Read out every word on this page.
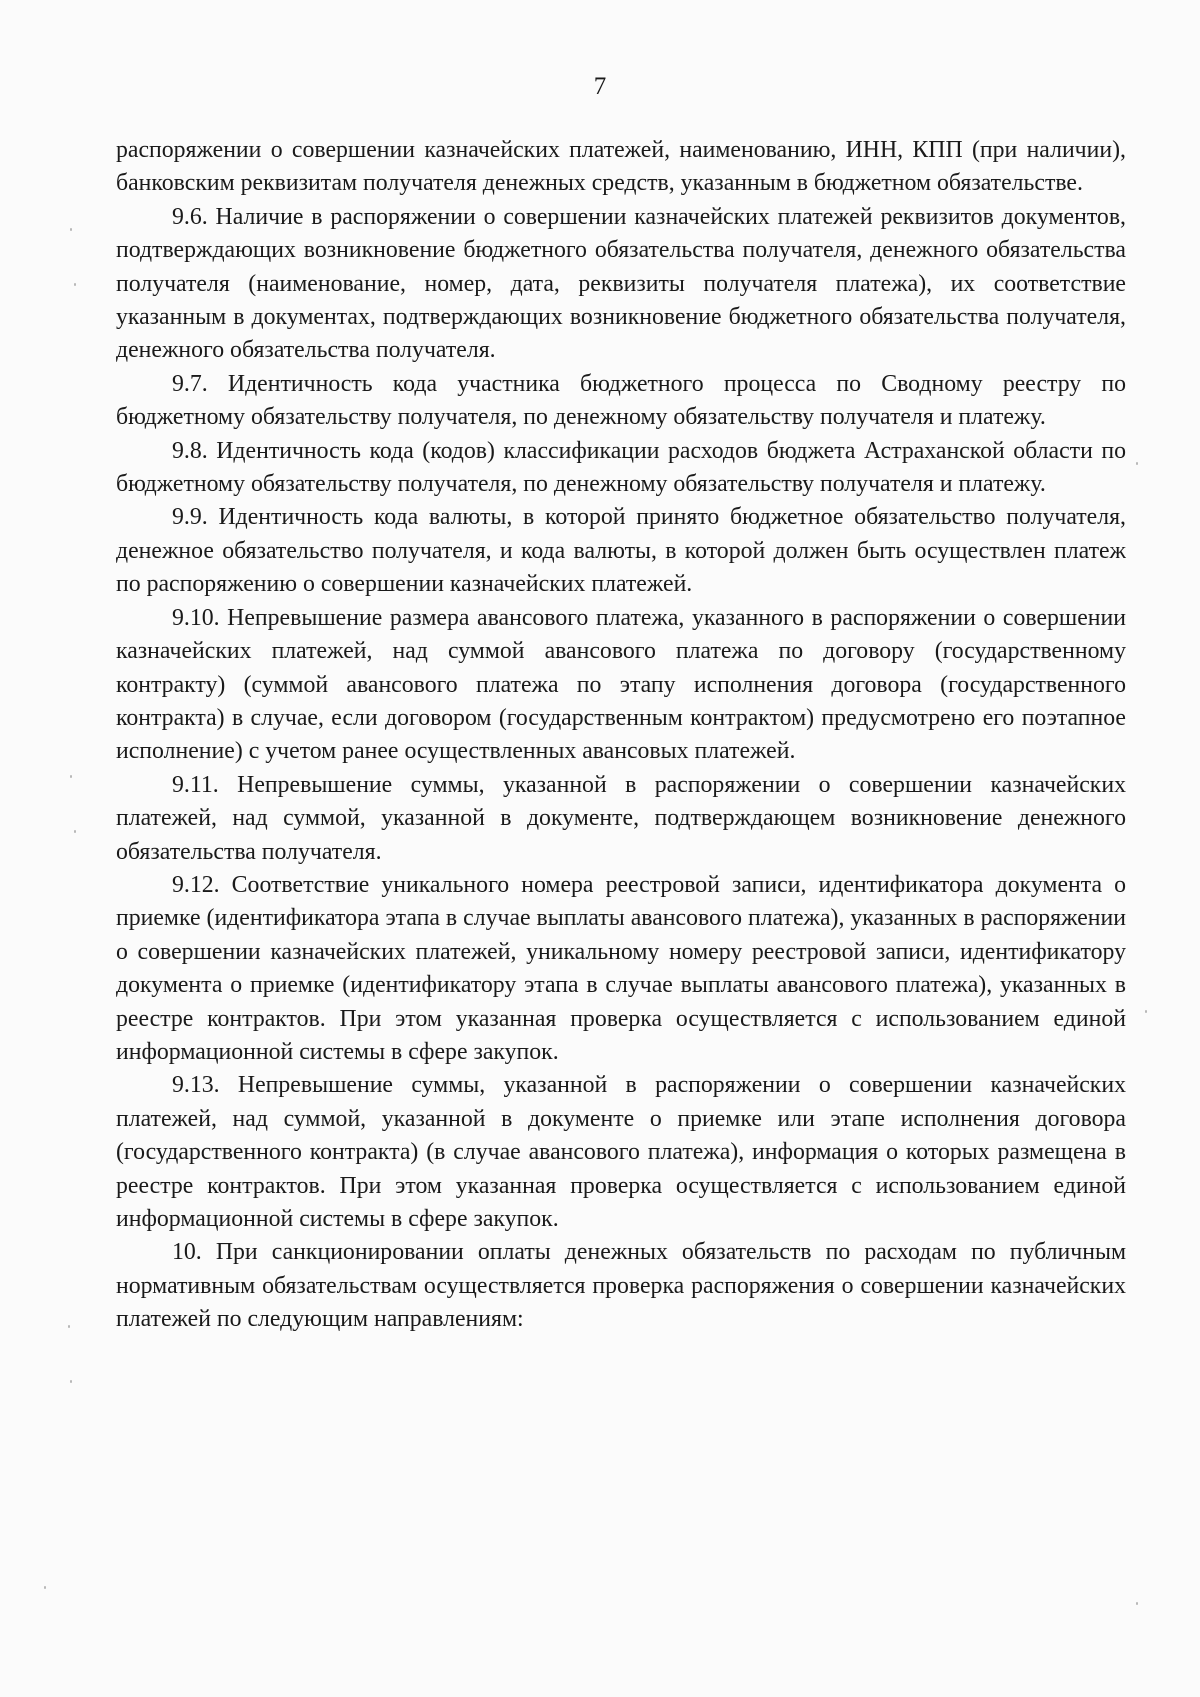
7

распоряжении о совершении казначейских платежей, наименованию, ИНН, КПП (при наличии), банковским реквизитам получателя денежных средств, указанным в бюджетном обязательстве.

9.6. Наличие в распоряжении о совершении казначейских платежей реквизитов документов, подтверждающих возникновение бюджетного обязательства получателя, денежного обязательства получателя (наименование, номер, дата, реквизиты получателя платежа), их соответствие указанным в документах, подтверждающих возникновение бюджетного обязательства получателя, денежного обязательства получателя.

9.7. Идентичность кода участника бюджетного процесса по Сводному реестру по бюджетному обязательству получателя, по денежному обязательству получателя и платежу.

9.8. Идентичность кода (кодов) классификации расходов бюджета Астраханской области по бюджетному обязательству получателя, по денежному обязательству получателя и платежу.

9.9. Идентичность кода валюты, в которой принято бюджетное обязательство получателя, денежное обязательство получателя, и кода валюты, в которой должен быть осуществлен платеж по распоряжению о совершении казначейских платежей.

9.10. Непревышение размера авансового платежа, указанного в распоряжении о совершении казначейских платежей, над суммой авансового платежа по договору (государственному контракту) (суммой авансового платежа по этапу исполнения договора (государственного контракта) в случае, если договором (государственным контрактом) предусмотрено его поэтапное исполнение) с учетом ранее осуществленных авансовых платежей.

9.11. Непревышение суммы, указанной в распоряжении о совершении казначейских платежей, над суммой, указанной в документе, подтверждающем возникновение денежного обязательства получателя.

9.12. Соответствие уникального номера реестровой записи, идентификатора документа о приемке (идентификатора этапа в случае выплаты авансового платежа), указанных в распоряжении о совершении казначейских платежей, уникальному номеру реестровой записи, идентификатору документа о приемке (идентификатору этапа в случае выплаты авансового платежа), указанных в реестре контрактов. При этом указанная проверка осуществляется с использованием единой информационной системы в сфере закупок.

9.13. Непревышение суммы, указанной в распоряжении о совершении казначейских платежей, над суммой, указанной в документе о приемке или этапе исполнения договора (государственного контракта) (в случае авансового платежа), информация о которых размещена в реестре контрактов. При этом указанная проверка осуществляется с использованием единой информационной системы в сфере закупок.

10. При санкционировании оплаты денежных обязательств по расходам по публичным нормативным обязательствам осуществляется проверка распоряжения о совершении казначейских платежей по следующим направлениям:
